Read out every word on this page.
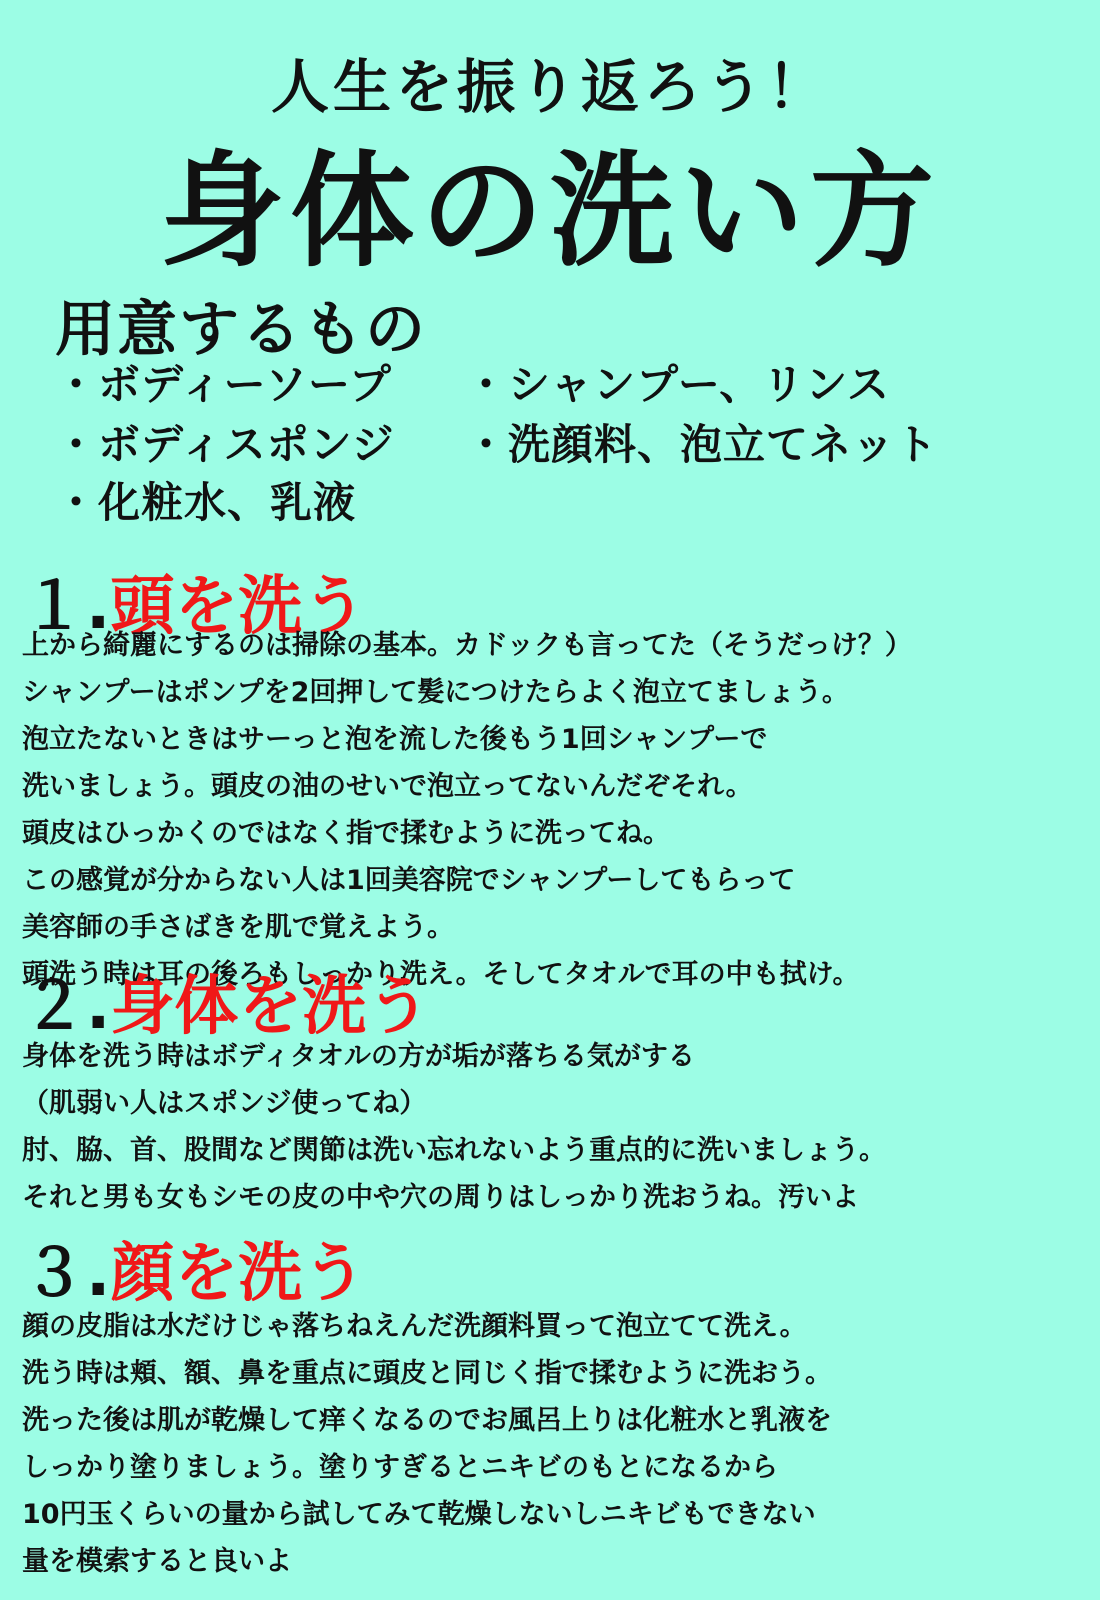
人生を振り返ろう！
身体の洗い方
用意するもの
・ボディーソープ ・シャンプー、リンス
・ボディスポンジ ・洗顔料、泡立てネット
・化粧水、乳液
１.頭を洗う
上から綺麗にするのは掃除の基本。カドックも言ってた（そうだっけ？）
シャンプーはポンプを2回押して髪につけたらよく泡立てましょう。
泡立たないときはサーっと泡を流した後もう1回シャンプーで
洗いましょう。頭皮の油のせいで泡立ってないんだぞそれ。
頭皮はひっかくのではなく指で揉むように洗ってね。
この感覚が分からない人は1回美容院でシャンプーしてもらって
美容師の手さばきを肌で覚えよう。
頭洗う時は耳の後ろもしっかり洗え。そしてタオルで耳の中も拭け。
２.身体を洗う
身体を洗う時はボディタオルの方が垢が落ちる気がする
（肌弱い人はスポンジ使ってね）
肘、脇、首、股間など関節は洗い忘れないよう重点的に洗いましょう。
それと男も女もシモの皮の中や穴の周りはしっかり洗おうね。汚いよ
３.顔を洗う
顔の皮脂は水だけじゃ落ちねえんだ洗顔料買って泡立てて洗え。
洗う時は頬、額、鼻を重点に頭皮と同じく指で揉むように洗おう。
洗った後は肌が乾燥して痒くなるのでお風呂上りは化粧水と乳液を
しっかり塗りましょう。塗りすぎるとニキビのもとになるから
10円玉くらいの量から試してみて乾燥しないしニキビもできない
量を模索すると良いよ
